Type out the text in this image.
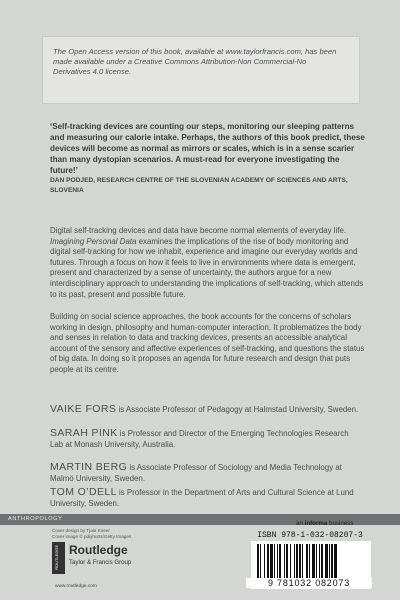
The Open Access version of this book, available at www.taylorfrancis.com, has been made available under a Creative Commons Attribution-Non Commercial-No Derivatives 4.0 license.

‘Self-tracking devices are counting our steps, monitoring our sleeping patterns and measuring our calorie intake. Perhaps, the authors of this book predict, these devices will become as normal as mirrors or scales, which is in a sense scarier than many dystopian scenarios. A must-read for everyone investigating the future!’

DAN PODJED, RESEARCH CENTRE OF THE SLOVENIAN ACADEMY OF SCIENCES AND ARTS, SLOVENIA

Digital self-tracking devices and data have become normal elements of everyday life. Imagining Personal Data examines the implications of the rise of body monitoring and digital self-tracking for how we inhabit, experience and imagine our everyday worlds and futures. Through a focus on how it feels to live in environments where data is emergent, present and characterized by a sense of uncertainty, the authors argue for a new interdisciplinary approach to understanding the implications of self-tracking, which attends to its past, present and possible future.

Building on social science approaches, the book accounts for the concerns of scholars working in design, philosophy and human-computer interaction. It problematizes the body and senses in relation to data and tracking devices, presents an accessible analytical account of the sensory and affective experiences of self-tracking, and questions the status of big data. In doing so it proposes an agenda for future research and design that puts people at its centre.

VAIKE FORS is Associate Professor of Pedagogy at Halmstad University, Sweden.

SARAH PINK is Professor and Director of the Emerging Technologies Research Lab at Monash University, Australia.

MARTIN BERG is Associate Professor of Sociology and Media Technology at Malmö University, Sweden.

TOM O’DELL is Professor in the Department of Arts and Cultural Science at Lund University, Sweden.

ANTHROPOLOGY

Cover design by Tjala Kneer
Cover image © pdiyhurts/Getty Images

ROUTLEDGE Routledge
Taylor & Francis Group
www.routledge.com
an informa business
ISBN 978-1-032-08207-3
9 781032 082073
